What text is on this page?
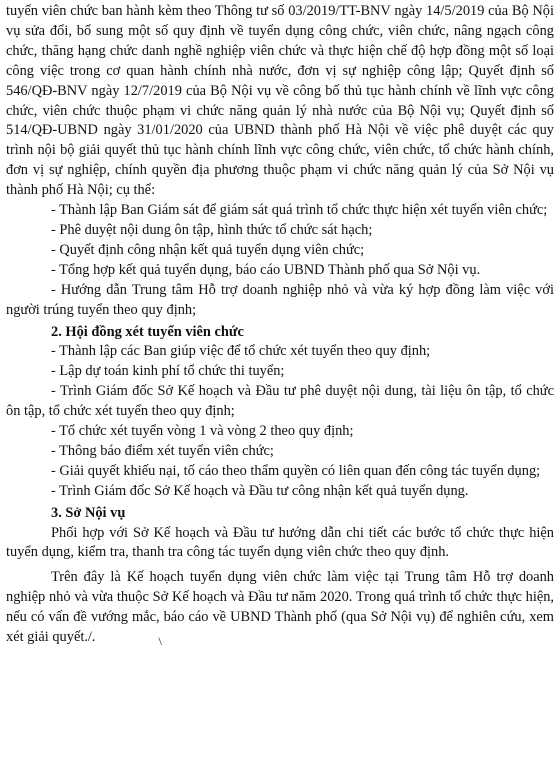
tuyển viên chức ban hành kèm theo Thông tư số 03/2019/TT-BNV ngày 14/5/2019 của Bộ Nội vụ sửa đổi, bổ sung một số quy định về tuyển dụng công chức, viên chức, nâng ngạch công chức, thăng hạng chức danh nghề nghiệp viên chức và thực hiện chế độ hợp đồng một số loại công việc trong cơ quan hành chính nhà nước, đơn vị sự nghiệp công lập; Quyết định số 546/QĐ-BNV ngày 12/7/2019 của Bộ Nội vụ về công bố thủ tục hành chính về lĩnh vực công chức, viên chức thuộc phạm vi chức năng quản lý nhà nước của Bộ Nội vụ; Quyết định số 514/QĐ-UBND ngày 31/01/2020 của UBND thành phố Hà Nội về việc phê duyệt các quy trình nội bộ giải quyết thủ tục hành chính lĩnh vực công chức, viên chức, tổ chức hành chính, đơn vị sự nghiệp, chính quyền địa phương thuộc phạm vi chức năng quản lý của Sở Nội vụ thành phố Hà Nội; cụ thể:

- Thành lập Ban Giám sát để giám sát quá trình tổ chức thực hiện xét tuyển viên chức;

- Phê duyệt nội dung ôn tập, hình thức tổ chức sát hạch;

- Quyết định công nhận kết quả tuyển dụng viên chức;

- Tổng hợp kết quả tuyển dụng, báo cáo UBND Thành phố qua Sở Nội vụ.

- Hướng dẫn Trung tâm Hỗ trợ doanh nghiệp nhỏ và vừa ký hợp đồng làm việc với người trúng tuyển theo quy định;

2. Hội đồng xét tuyển viên chức

- Thành lập các Ban giúp việc để tổ chức xét tuyển theo quy định;

- Lập dự toán kinh phí tổ chức thi tuyển;

- Trình Giám đốc Sở Kế hoạch và Đầu tư phê duyệt nội dung, tài liệu ôn tập, tổ chức ôn tập, tổ chức xét tuyển theo quy định;

- Tổ chức xét tuyển vòng 1 và vòng 2 theo quy định;

- Thông báo điểm xét tuyển viên chức;

- Giải quyết khiếu nại, tố cáo theo thẩm quyền có liên quan đến công tác tuyển dụng;

- Trình Giám đốc Sở Kế hoạch và Đầu tư công nhận kết quả tuyển dụng.

3. Sở Nội vụ

Phối hợp với Sở Kế hoạch và Đầu tư hướng dẫn chi tiết các bước tổ chức thực hiện tuyển dụng, kiểm tra, thanh tra công tác tuyển dụng viên chức theo quy định.

Trên đây là Kế hoạch tuyển dụng viên chức làm việc tại Trung tâm Hỗ trợ doanh nghiệp nhỏ và vừa thuộc Sở Kế hoạch và Đầu tư năm 2020. Trong quá trình tổ chức thực hiện, nếu có vấn đề vướng mắc, báo cáo về UBND Thành phố (qua Sở Nội vụ) để nghiên cứu, xem xét giải quyết./.	\
